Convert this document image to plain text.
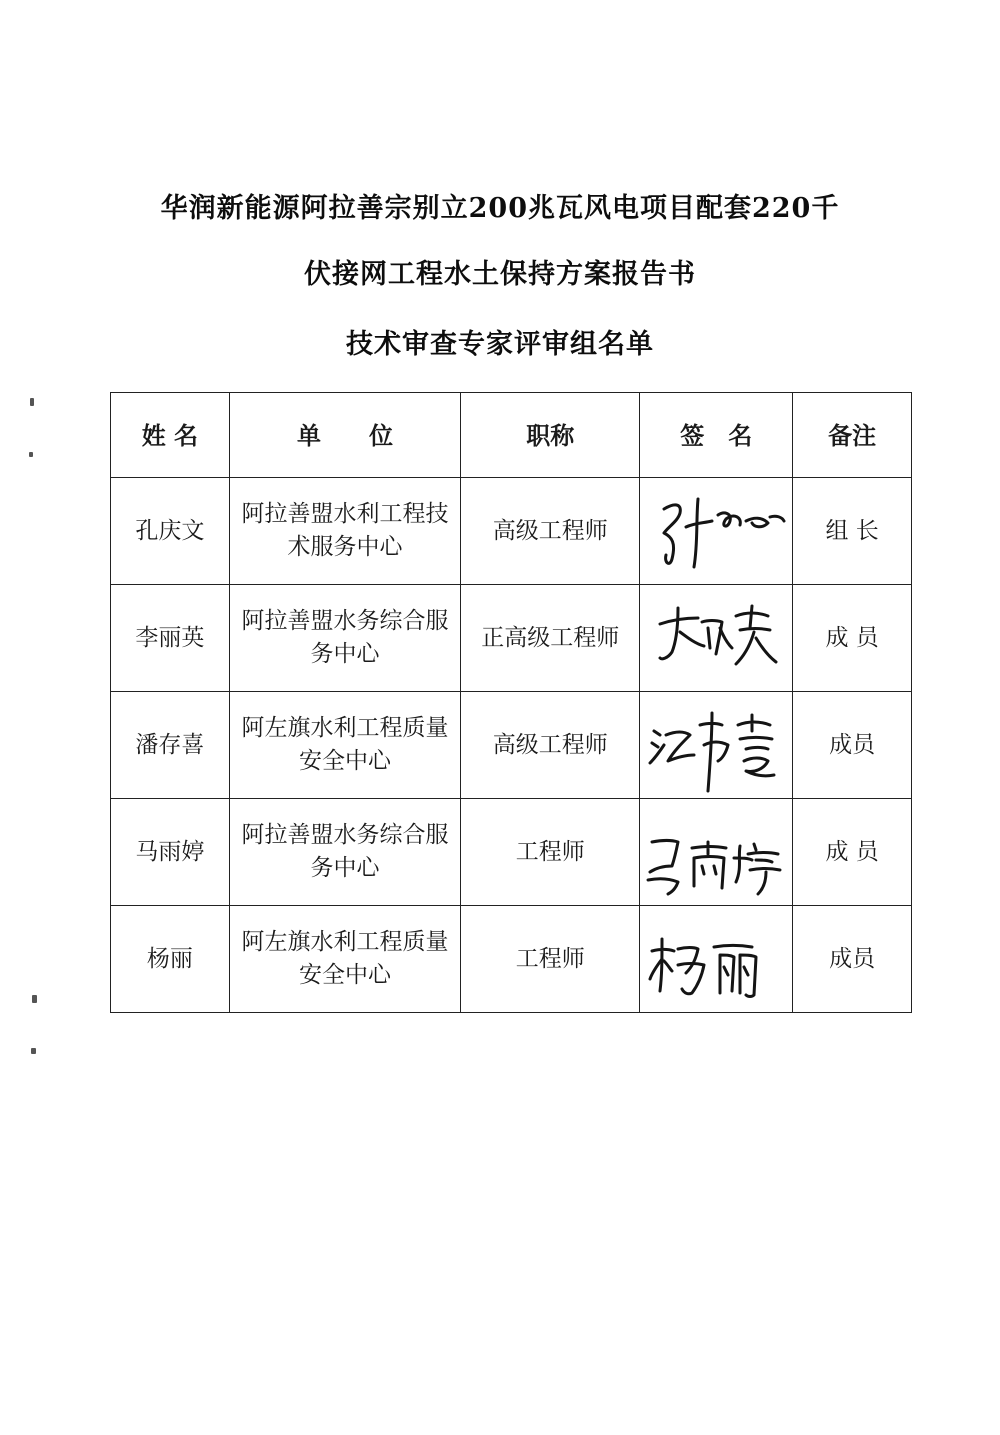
华润新能源阿拉善宗别立200兆瓦风电项目配套220千
伏接网工程水土保持方案报告书
技术审查专家评审组名单
姓 名	单　　位	职称	签　名	备注
孔庆文	阿拉善盟水利工程技术服务中心	高级工程师		组 长
李丽英	阿拉善盟水务综合服务中心	正高级工程师		成 员
潘存喜	阿左旗水利工程质量安全中心	高级工程师		成员
马雨婷	阿拉善盟水务综合服务中心	工程师		成 员
杨丽	阿左旗水利工程质量安全中心	工程师		成员
